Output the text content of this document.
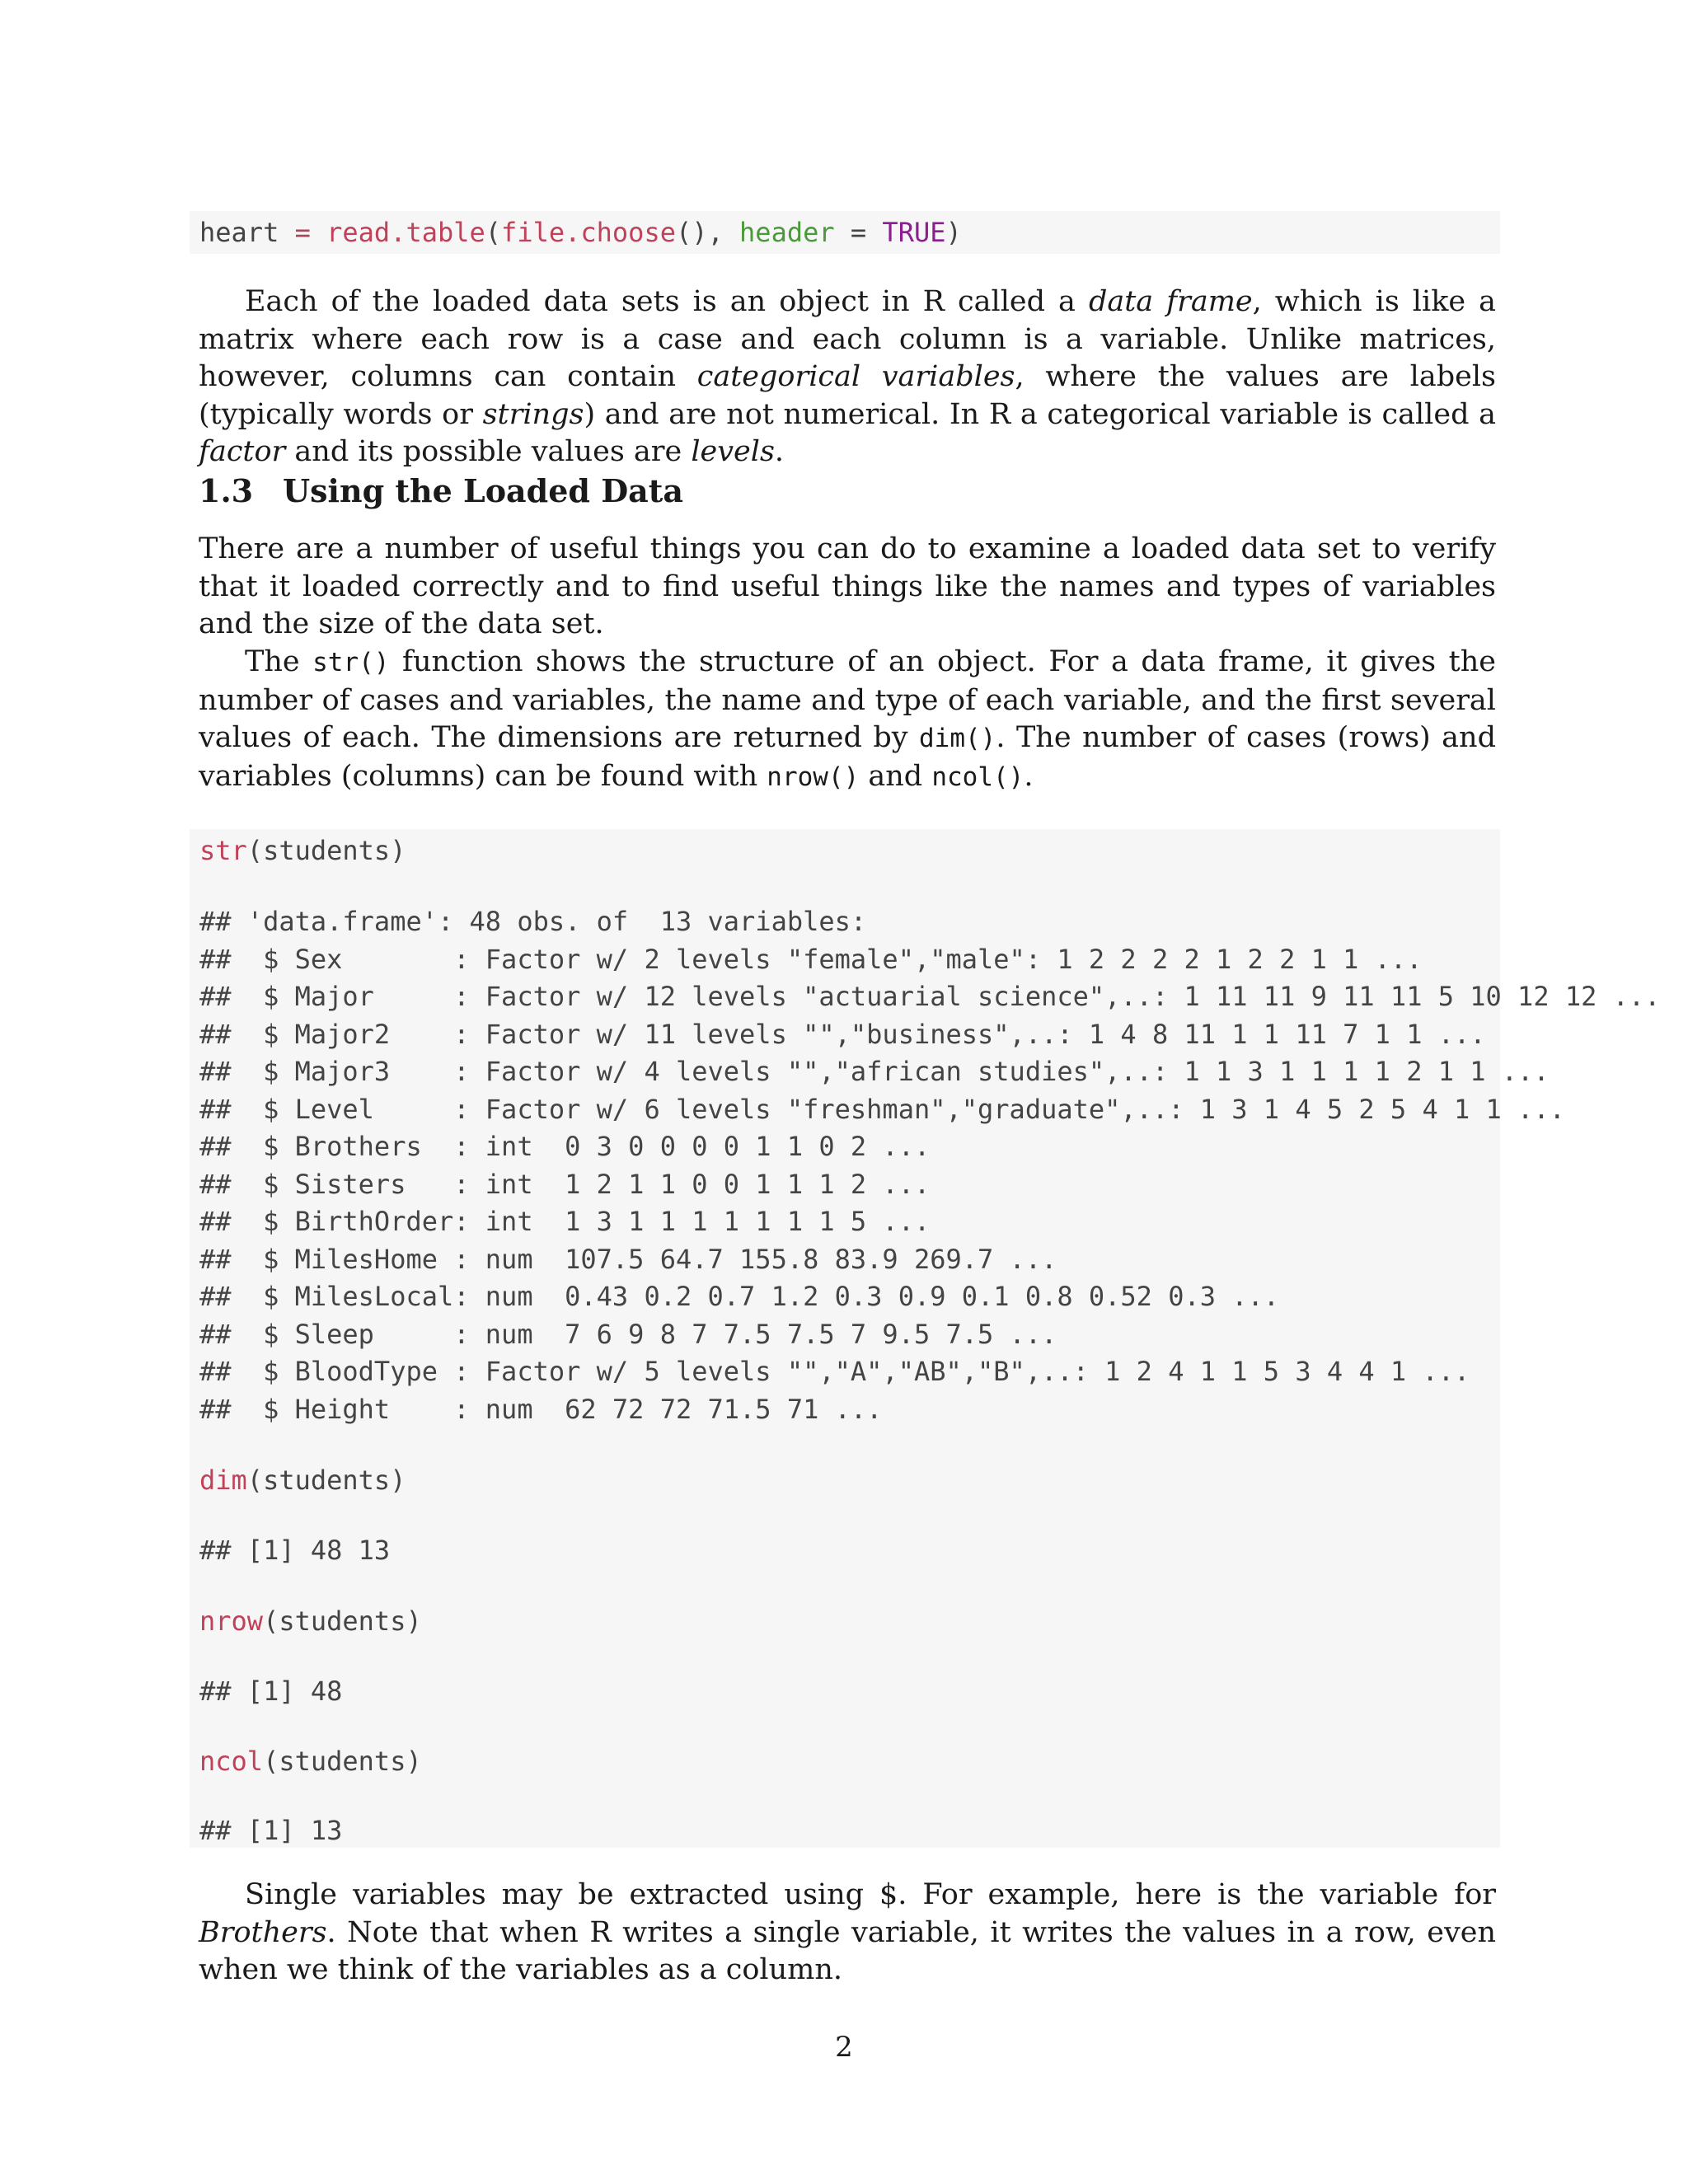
heart = read.table(file.choose(), header = TRUE)

Each of the loaded data sets is an object in R called a data frame, which is like a matrix where each row is a case and each column is a variable. Unlike matrices, however, columns can contain categorical variables, where the values are labels (typically words or strings) and are not numerical. In R a categorical variable is called a factor and its possible values are levels.

1.3 Using the Loaded Data

There are a number of useful things you can do to examine a loaded data set to verify that it loaded correctly and to find useful things like the names and types of variables and the size of the data set.

The str() function shows the structure of an object. For a data frame, it gives the number of cases and variables, the name and type of each variable, and the first several values of each. The dimensions are returned by dim(). The number of cases (rows) and variables (columns) can be found with nrow() and ncol().

str(students)
## 'data.frame': 48 obs. of  13 variables:
##  $ Sex       : Factor w/ 2 levels "female","male": 1 2 2 2 2 1 2 2 1 1 ...
##  $ Major     : Factor w/ 12 levels "actuarial science",..: 1 11 11 9 11 11 5 10 12 12 ...
##  $ Major2    : Factor w/ 11 levels "","business",..: 1 4 8 11 1 1 11 7 1 1 ...
##  $ Major3    : Factor w/ 4 levels "","african studies",..: 1 1 3 1 1 1 1 2 1 1 ...
##  $ Level     : Factor w/ 6 levels "freshman","graduate",..: 1 3 1 4 5 2 5 4 1 1 ...
##  $ Brothers  : int  0 3 0 0 0 0 1 1 0 2 ...
##  $ Sisters   : int  1 2 1 1 0 0 1 1 1 2 ...
##  $ BirthOrder: int  1 3 1 1 1 1 1 1 1 5 ...
##  $ MilesHome : num  107.5 64.7 155.8 83.9 269.7 ...
##  $ MilesLocal: num  0.43 0.2 0.7 1.2 0.3 0.9 0.1 0.8 0.52 0.3 ...
##  $ Sleep     : num  7 6 9 8 7 7.5 7.5 7 9.5 7.5 ...
##  $ BloodType : Factor w/ 5 levels "","A","AB","B",..: 1 2 4 1 1 5 3 4 4 1 ...
##  $ Height    : num  62 72 72 71.5 71 ...
dim(students)
## [1] 48 13
nrow(students)
## [1] 48
ncol(students)
## [1] 13

Single variables may be extracted using $. For example, here is the variable for Brothers. Note that when R writes a single variable, it writes the values in a row, even when we think of the variables as a column.

2
